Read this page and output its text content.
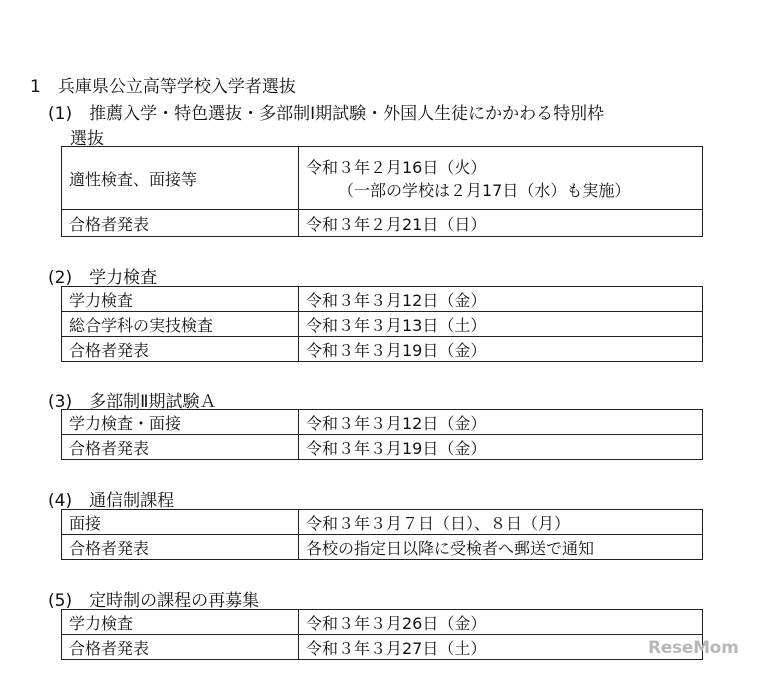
1　兵庫県公立高等学校入学者選抜
(1)　推薦入学・特色選抜・多部制Ⅰ期試験・外国人生徒にかかわる特別枠
選抜
適性検査、面接等	令和３年２月16日（火）
（一部の学校は２月17日（水）も実施）
合格者発表	令和３年２月21日（日）
(2)　学力検査
学力検査	令和３年３月12日（金）
総合学科の実技検査	令和３年３月13日（土）
合格者発表	令和３年３月19日（金）
(3)　多部制Ⅱ期試験Ａ
学力検査・面接	令和３年３月12日（金）
合格者発表	令和３年３月19日（金）
(4)　通信制課程
面接	令和３年３月７日（日）、８日（月）
合格者発表	各校の指定日以降に受検者へ郵送で通知
(5)　定時制の課程の再募集
学力検査	令和３年３月26日（金）
合格者発表	令和３年３月27日（土）	ReseMom
